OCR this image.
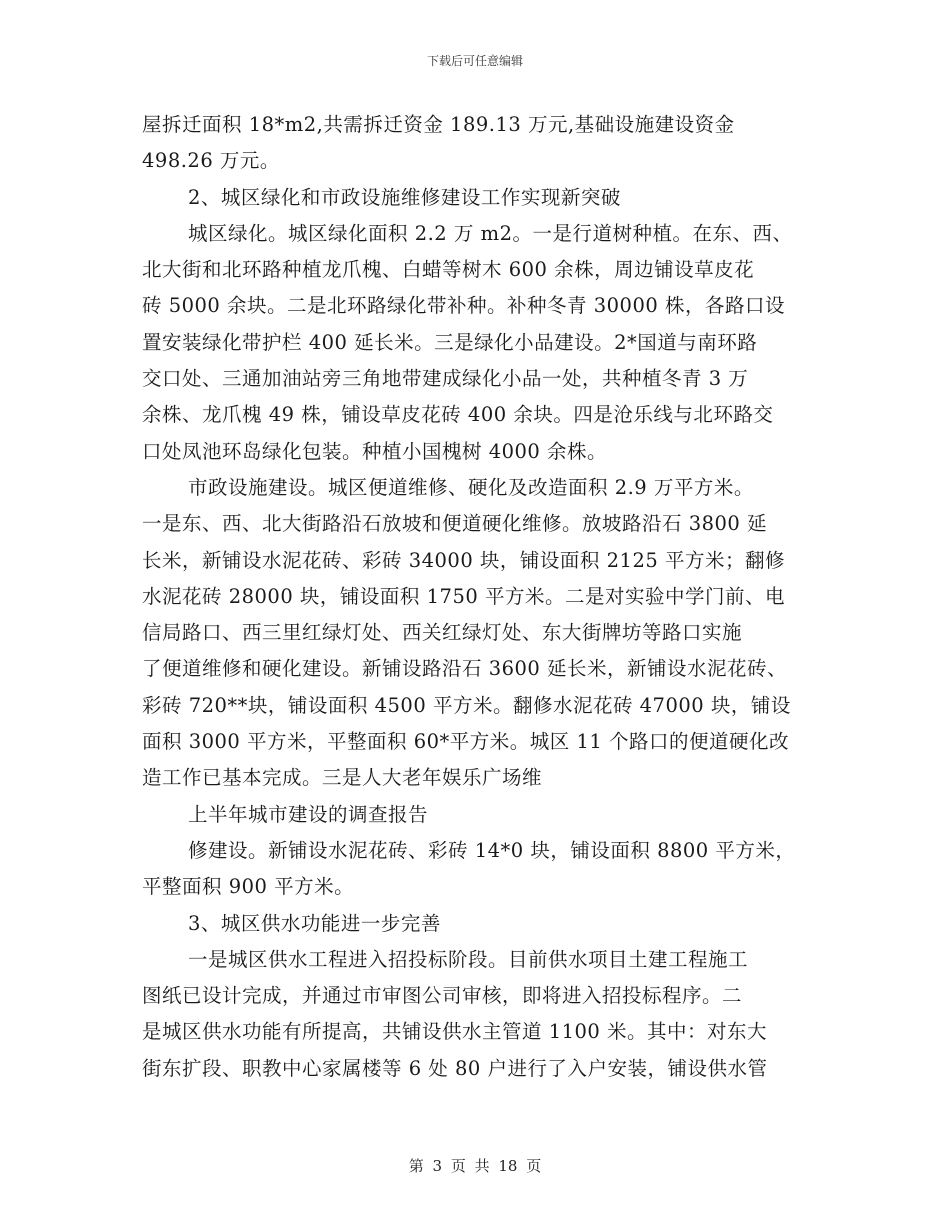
下载后可任意编辑
屋拆迁面积 18*m2,共需拆迁资金 189.13 万元,基础设施建设资金
498.26 万元。
2、城区绿化和市政设施维修建设工作实现新突破
城区绿化。城区绿化面积 2.2 万 m2。一是行道树种植。在东、西、
北大街和北环路种植龙爪槐、白蜡等树木 600 余株，周边铺设草皮花
砖 5000 余块。二是北环路绿化带补种。补种冬青 30000 株，各路口设
置安装绿化带护栏 400 延长米。三是绿化小品建设。2*国道与南环路
交口处、三通加油站旁三角地带建成绿化小品一处，共种植冬青 3 万
余株、龙爪槐 49 株，铺设草皮花砖 400 余块。四是沧乐线与北环路交
口处凤池环岛绿化包装。种植小国槐树 4000 余株。
市政设施建设。城区便道维修、硬化及改造面积 2.9 万平方米。
一是东、西、北大街路沿石放坡和便道硬化维修。放坡路沿石 3800 延
长米，新铺设水泥花砖、彩砖 34000 块，铺设面积 2125 平方米；翻修
水泥花砖 28000 块，铺设面积 1750 平方米。二是对实验中学门前、电
信局路口、西三里红绿灯处、西关红绿灯处、东大街牌坊等路口实施
了便道维修和硬化建设。新铺设路沿石 3600 延长米，新铺设水泥花砖、
彩砖 720**块，铺设面积 4500 平方米。翻修水泥花砖 47000 块，铺设
面积 3000 平方米，平整面积 60*平方米。城区 11 个路口的便道硬化改
造工作已基本完成。三是人大老年娱乐广场维
上半年城市建设的调查报告
修建设。新铺设水泥花砖、彩砖 14*0 块，铺设面积 8800 平方米，
平整面积 900 平方米。
3、城区供水功能进一步完善
一是城区供水工程进入招投标阶段。目前供水项目土建工程施工
图纸已设计完成，并通过市审图公司审核，即将进入招投标程序。二
是城区供水功能有所提高，共铺设供水主管道 1100 米。其中：对东大
街东扩段、职教中心家属楼等 6 处 80 户进行了入户安装，铺设供水管
第 3 页 共 18 页
